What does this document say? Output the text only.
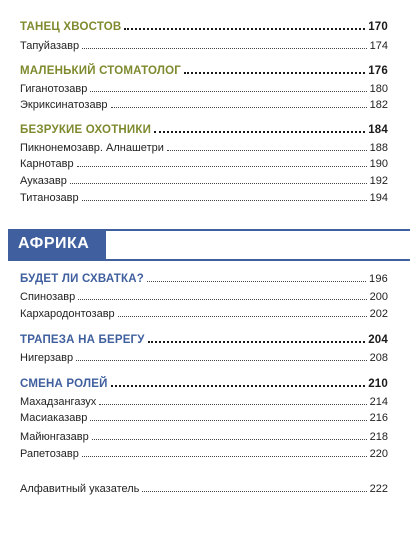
ТАНЕЦ ХВОСТОВ	170
Тапуйазавр	174
МАЛЕНЬКИЙ СТОМАТОЛОГ	176
Гиганотозавр	180
Экриксинатозавр	182
БЕЗРУКИЕ ОХОТНИКИ	184
Пикнонемозавр. Алнашетри	188
Карнотавр	190
Ауказавр	192
Титанозавр	194
АФРИКА
БУДЕТ ЛИ СХВАТКА?	196
Спинозавр	200
Кархародонтозавр	202
ТРАПЕЗА НА БЕРЕГУ	204
Нигерзавр	208
СМЕНА РОЛЕЙ	210
Махадзангазух	214
Масиаказавр	216
Майюнгазавр	218
Рапетозавр	220
Алфавитный указатель	222
